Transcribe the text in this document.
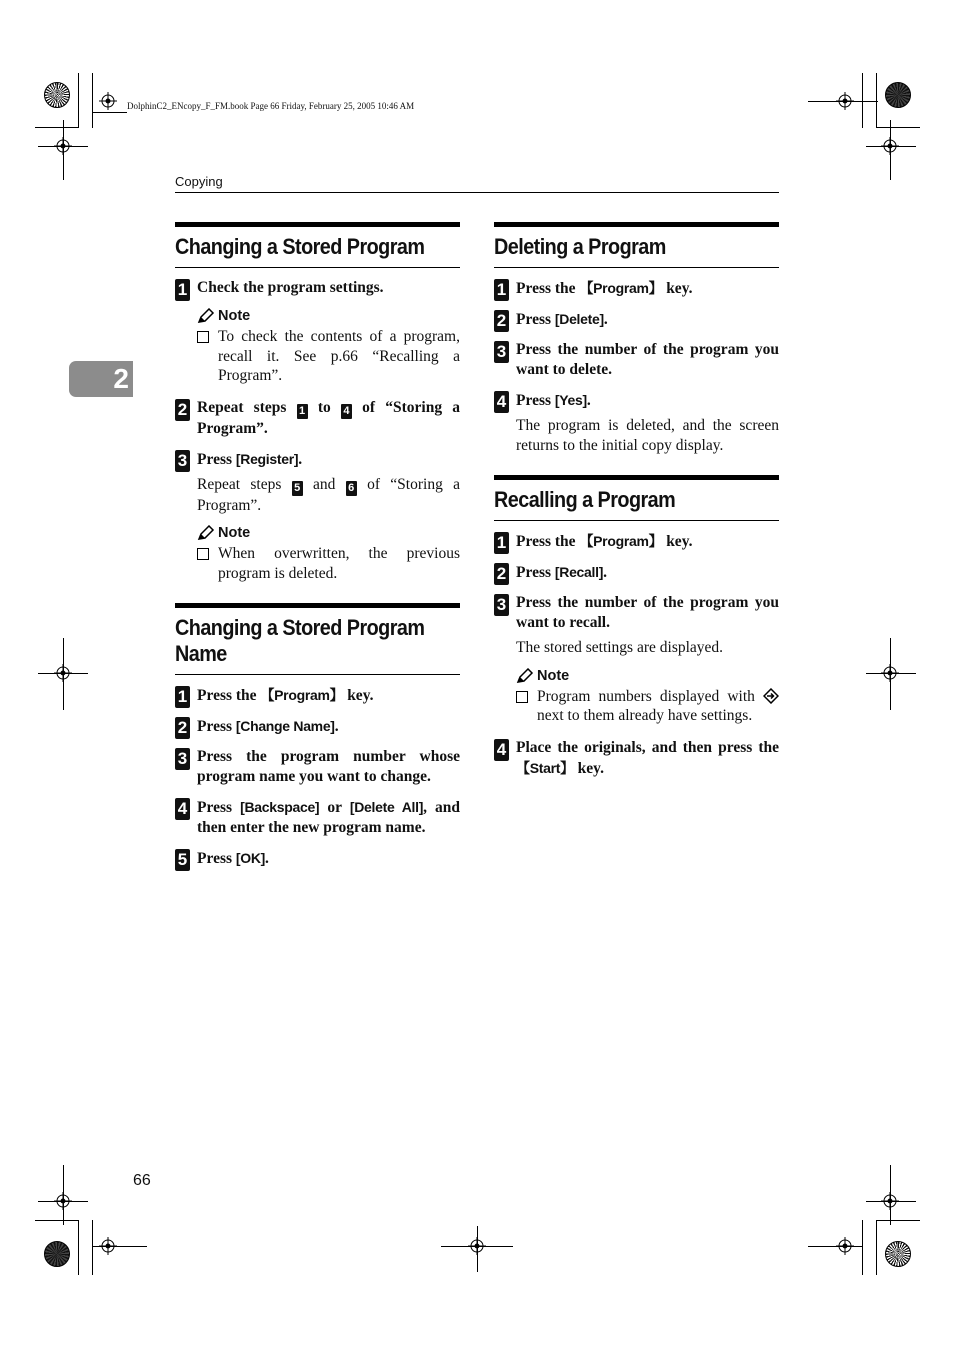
DolphinC2_ENcopy_F_FM.book Page 66 Friday, February 25, 2005 10:46 AM
Copying
2
Changing a Stored Program
1 Check the program settings.
Note
To check the contents of a program, recall it. See p.66 “Recalling a Program”.
2 Repeat steps 1 to 4 of “Storing a Program”.
3 Press [Register].
Repeat steps 5 and 6 of “Storing a Program”.
Note
When overwritten, the previous program is deleted.
Changing a Stored Program Name
1 Press the 【Program】 key.
2 Press [Change Name].
3 Press the program number whose program name you want to change.
4 Press [Backspace] or [Delete All], and then enter the new program name.
5 Press [OK].
Deleting a Program
1 Press the 【Program】 key.
2 Press [Delete].
3 Press the number of the program you want to delete.
4 Press [Yes].
The program is deleted, and the screen returns to the initial copy display.
Recalling a Program
1 Press the 【Program】 key.
2 Press [Recall].
3 Press the number of the program you want to recall.
The stored settings are displayed.
Note
Program numbers displayed with  next to them already have settings.
4 Place the originals, and then press the 【Start】 key.
66
